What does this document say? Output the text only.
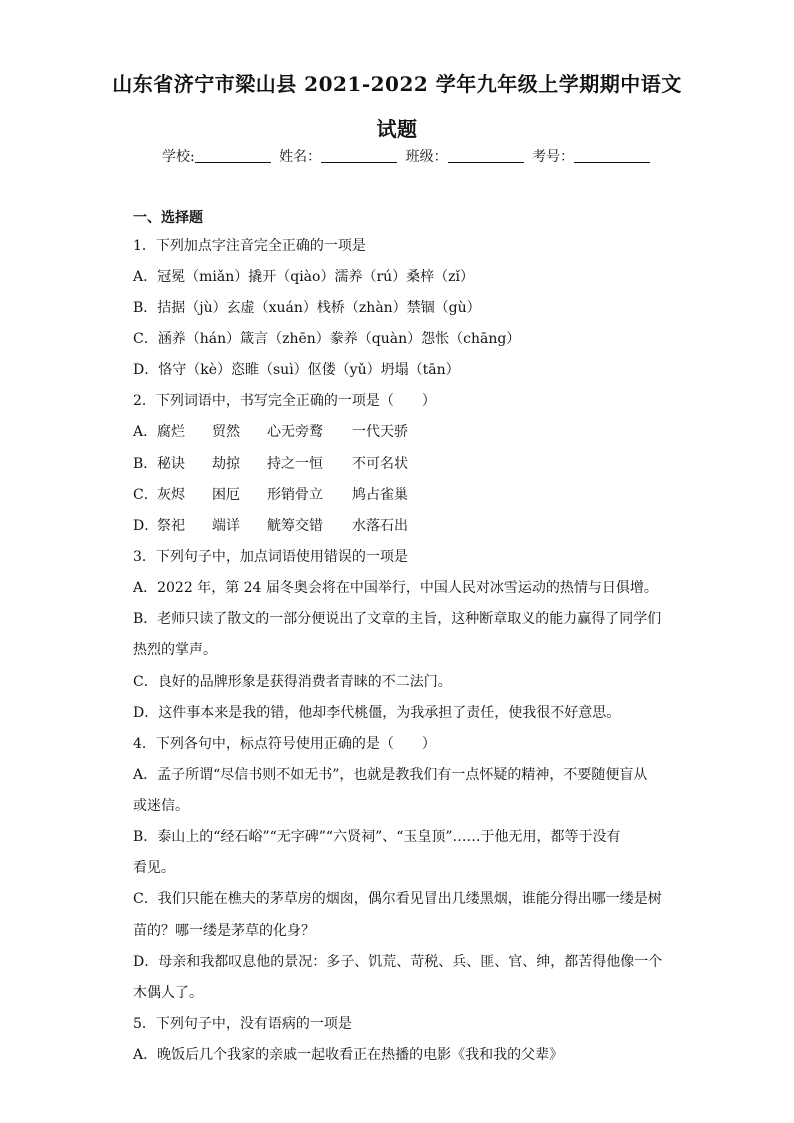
山东省济宁市梁山县 2021-2022 学年九年级上学期期中语文
试题
学校:	姓名：	班级：	考号：
一、选择题
1．下列加点字注音完全正确的一项是
A．冠冕（miǎn）撬开（qiào）濡养（rú）桑梓（zǐ）
B．拮据（jù）玄虚（xuán）栈桥（zhàn）禁锢（gù）
C．涵养（hán）箴言（zhēn）豢养（quàn）怨怅（chāng）
D．恪守（kè）恣睢（suì）伛偻（yǔ）坍塌（tān）
2．下列词语中，书写完全正确的一项是（　　）
A．腐烂 贸然 心无旁鹜 一代天骄
B．秘诀 劫掠 持之一恒 不可名状
C．灰烬 困厄 形销骨立 鸠占雀巢
D．祭祀 端详 觥筹交错 水落石出
3．下列句子中，加点词语使用错误的一项是
A．2022 年，第 24 届冬奥会将在中国举行，中国人民对冰雪运动的热情与日俱增。
B．老师只读了散文的一部分便说出了文章的主旨，这种断章取义的能力赢得了同学们
热烈的掌声。
C．良好的品牌形象是获得消费者青睐的不二法门。
D．这件事本来是我的错，他却李代桃僵，为我承担了责任，使我很不好意思。
4．下列各句中，标点符号使用正确的是（　　）
A．孟子所谓“尽信书则不如无书”，也就是教我们有一点怀疑的精神，不要随便盲从
或迷信。
B．泰山上的“经石峪”“无字碑”“六贤祠”、“玉皇顶”……于他无用，都等于没有
看见。
C．我们只能在樵夫的茅草房的烟囱，偶尔看见冒出几缕黑烟，谁能分得出哪一缕是树
苗的？哪一缕是茅草的化身？
D．母亲和我都叹息他的景况：多子、饥荒、苛税、兵、匪、官、绅，都苦得他像一个
木偶人了。
5．下列句子中，没有语病的一项是
A．晚饭后几个我家的亲戚一起收看正在热播的电影《我和我的父辈》
